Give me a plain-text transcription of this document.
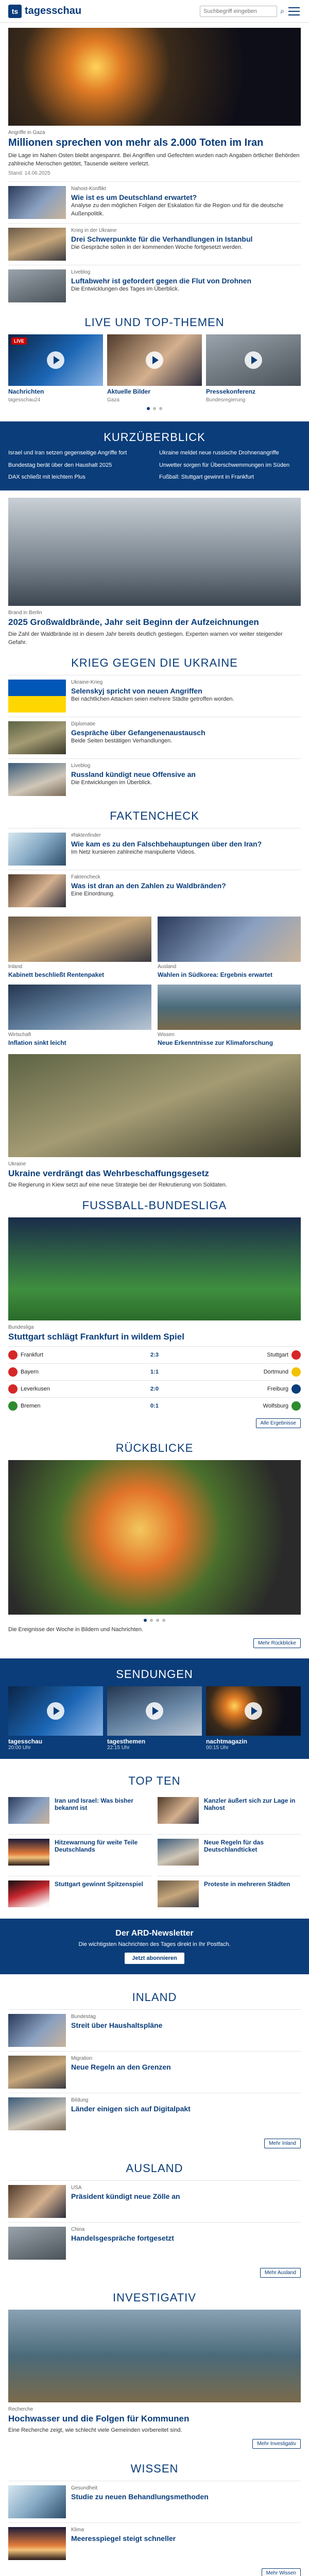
ts tagesschau
Suchbegriff eingeben	⌕
Angriffe in Gaza
Millionen sprechen von mehr als 2.000 Toten im Iran
Die Lage im Nahen Osten bleibt angespannt. Bei Angriffen und Gefechten wurden nach Angaben örtlicher Behörden zahlreiche Menschen getötet, Tausende weitere verletzt.
Stand: 14.06.2025
Nahost-Konflikt
Wie ist es um Deutschland erwartet?
Analyse zu den möglichen Folgen der Eskalation für die Region und für die deutsche Außenpolitik.
Krieg in der Ukraine
Drei Schwerpunkte für die Verhandlungen in Istanbul
Die Gespräche sollen in der kommenden Woche fortgesetzt werden.
Liveblog
Luftabwehr ist gefordert gegen die Flut von Drohnen
Die Entwicklungen des Tages im Überblick.
LIVE UND TOP-THEMEN
LIVE
Nachrichten
tagesschau24
Aktuelle Bilder
Gaza
Pressekonferenz
Bundesregierung
KURZÜBERBLICK
Israel und Iran setzen gegenseitige Angriffe fort	Ukraine meldet neue russische Drohnenangriffe
Bundestag berät über den Haushalt 2025	Unwetter sorgen für Überschwemmungen im Süden
DAX schließt mit leichtem Plus	Fußball: Stuttgart gewinnt in Frankfurt
Brand in Berlin
2025 Großwaldbrände, Jahr seit Beginn der Aufzeichnungen
Die Zahl der Waldbrände ist in diesem Jahr bereits deutlich gestiegen. Experten warnen vor weiter steigender Gefahr.
KRIEG GEGEN DIE UKRAINE
Ukraine-Krieg
Selenskyj spricht von neuen Angriffen
Bei nächtlichen Attacken seien mehrere Städte getroffen worden.
Diplomatie
Gespräche über Gefangenenaustausch
Beide Seiten bestätigen Verhandlungen.
Liveblog
Russland kündigt neue Offensive an
Die Entwicklungen im Überblick.
FAKTENCHECK
#faktenfinder
Wie kam es zu den Falschbehauptungen über den Iran?
Im Netz kursieren zahlreiche manipulierte Videos.
Faktencheck
Was ist dran an den Zahlen zu Waldbränden?
Eine Einordnung.
Inland
Kabinett beschließt Rentenpaket
Ausland
Wahlen in Südkorea: Ergebnis erwartet
Wirtschaft
Inflation sinkt leicht
Wissen
Neue Erkenntnisse zur Klimaforschung
Ukraine
Ukraine verdrängt das Wehrbeschaffungsgesetz
Die Regierung in Kiew setzt auf eine neue Strategie bei der Rekrutierung von Soldaten.
FUSSBALL-BUNDESLIGA
Bundesliga
Stuttgart schlägt Frankfurt in wildem Spiel
Frankfurt	2:3	Stuttgart
Bayern	1:1	Dortmund
Leverkusen	2:0	Freiburg
Bremen	0:1	Wolfsburg
Alle Ergebnisse
RÜCKBLICKE
Die Ereignisse der Woche in Bildern und Nachrichten.
Mehr Rückblicke
SENDUNGEN
tagesschau
20:00 Uhr
tagesthemen
22:15 Uhr
nachtmagazin
00:15 Uhr
TOP TEN
Iran und Israel: Was bisher bekannt ist
Kanzler äußert sich zur Lage in Nahost
Hitzewarnung für weite Teile Deutschlands
Neue Regeln für das Deutschlandticket
Stuttgart gewinnt Spitzenspiel	Proteste in mehreren Städten
Der ARD-Newsletter
Die wichtigsten Nachrichten des Tages direkt in Ihr Postfach.
Jetzt abonnieren
INLAND
Bundestag
Streit über Haushaltspläne
Migration
Neue Regeln an den Grenzen
Bildung
Länder einigen sich auf Digitalpakt
Mehr Inland
AUSLAND
USA
Präsident kündigt neue Zölle an
China
Handelsgespräche fortgesetzt
Mehr Ausland
INVESTIGATIV
Recherche
Hochwasser und die Folgen für Kommunen
Eine Recherche zeigt, wie schlecht viele Gemeinden vorbereitet sind.
Mehr Investigativ
WISSEN
Gesundheit
Studie zu neuen Behandlungsmethoden
Klima
Meeresspiegel steigt schneller
Mehr Wissen
